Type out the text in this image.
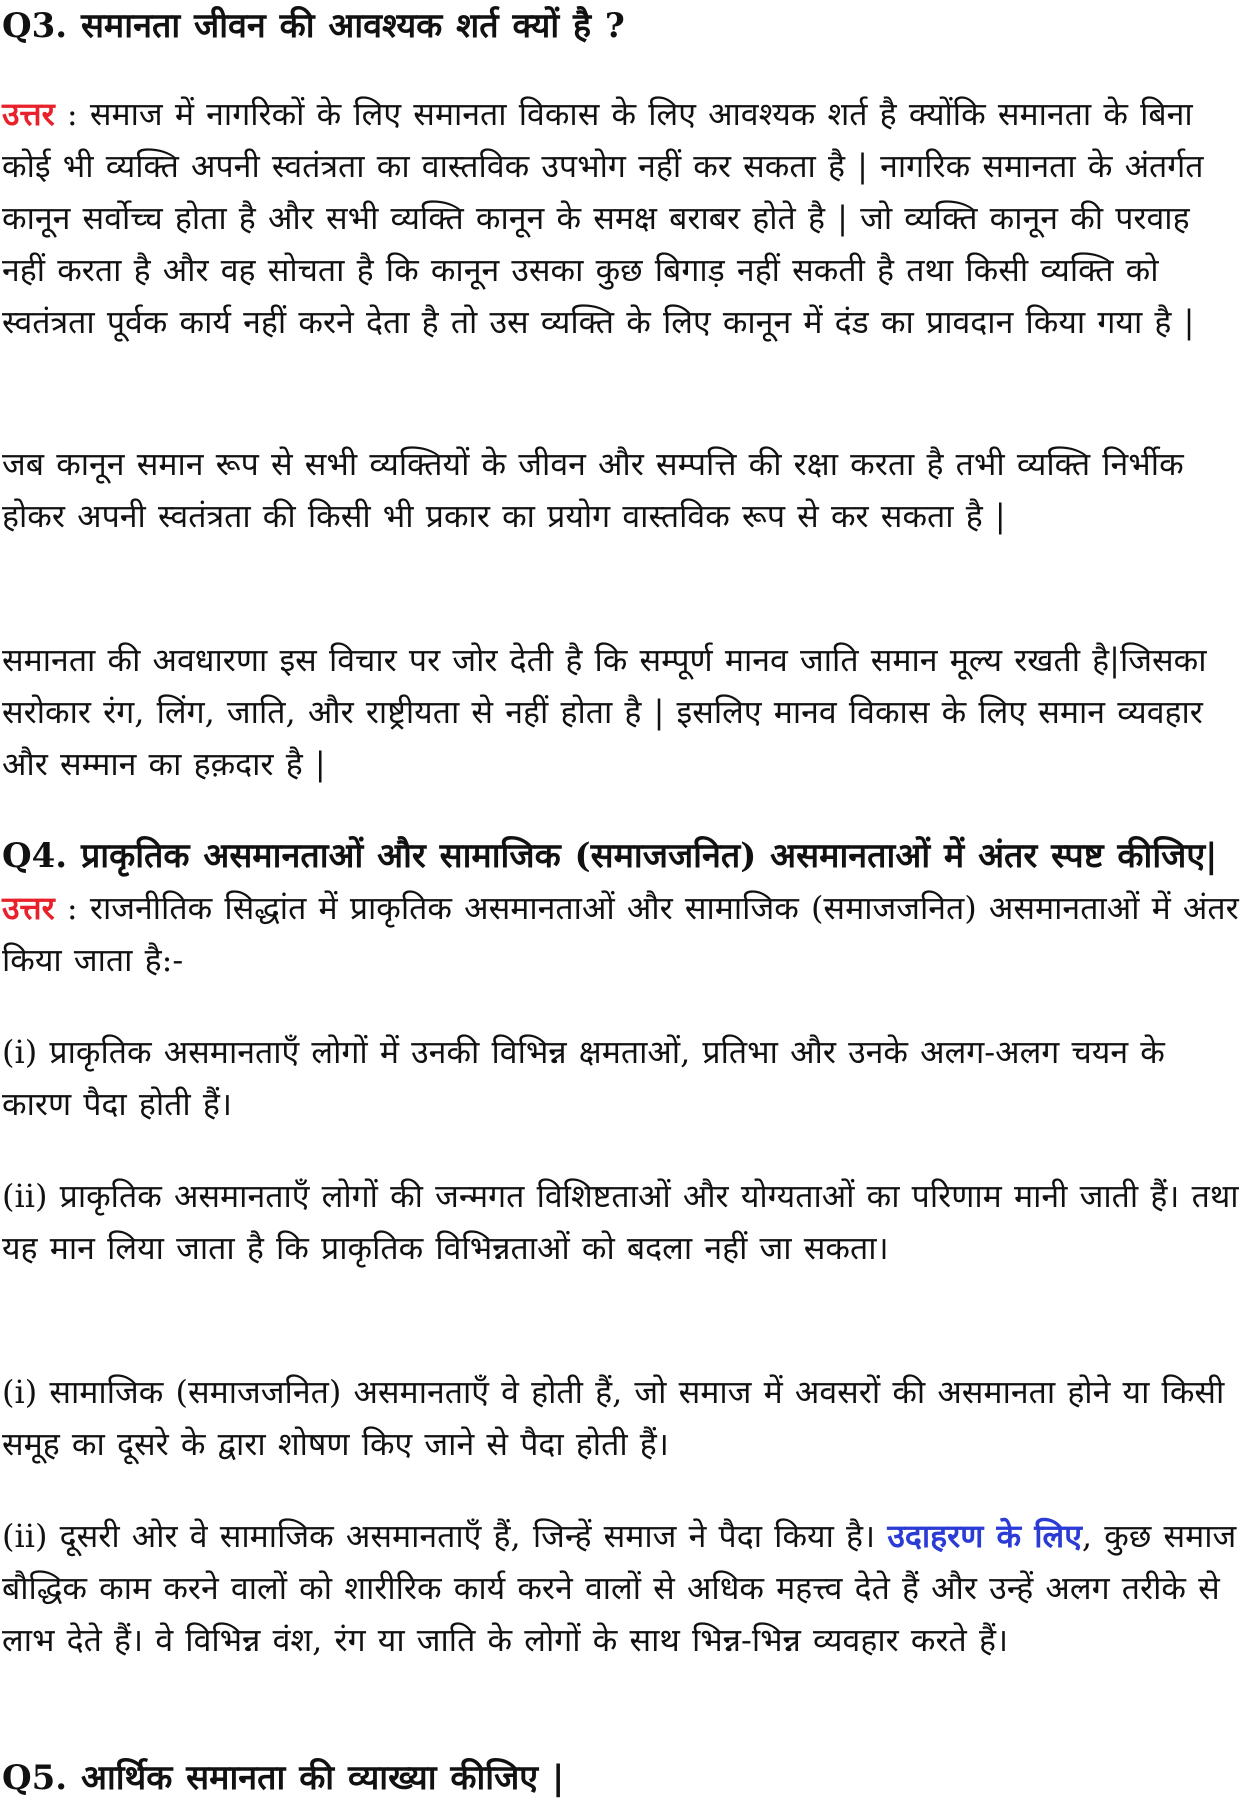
Q3. समानता जीवन की आवश्यक शर्त क्यों है ?

उत्तर : समाज में नागरिकों के लिए समानता विकास के लिए आवश्यक शर्त है क्योंकि समानता के बिना कोई भी व्यक्ति अपनी स्वतंत्रता का वास्तविक उपभोग नहीं कर सकता है | नागरिक समानता के अंतर्गत कानून सर्वोच्च होता है और सभी व्यक्ति कानून के समक्ष बराबर होते है | जो व्यक्ति कानून की परवाह नहीं करता है और वह सोचता है कि कानून उसका कुछ बिगाड़ नहीं सकती है तथा किसी व्यक्ति को स्वतंत्रता पूर्वक कार्य नहीं करने देता है तो उस व्यक्ति के लिए कानून में दंड का प्रावदान किया गया है |

जब कानून समान रूप से सभी व्यक्तियों के जीवन और सम्पत्ति की रक्षा करता है तभी व्यक्ति निर्भीक होकर अपनी स्वतंत्रता की किसी भी प्रकार का प्रयोग वास्तविक रूप से कर सकता है |

समानता की अवधारणा इस विचार पर जोर देती है कि सम्पूर्ण मानव जाति समान मूल्य रखती है|जिसका सरोकार रंग, लिंग, जाति, और राष्ट्रीयता से नहीं होता है | इसलिए मानव विकास के लिए समान व्यवहार और सम्मान का हक़दार है |

Q4. प्राकृतिक असमानताओं और सामाजिक (समाजजनित) असमानताओं में अंतर स्पष्ट कीजिए| उत्तर : राजनीतिक सिद्धांत में प्राकृतिक असमानताओं और सामाजिक (समाजजनित) असमानताओं में अंतर किया जाता है:-

(i) प्राकृतिक असमानताएँ लोगों में उनकी विभिन्न क्षमताओं, प्रतिभा और उनके अलग-अलग चयन के कारण पैदा होती हैं।

(ii) प्राकृतिक असमानताएँ लोगों की जन्मगत विशिष्टताओं और योग्यताओं का परिणाम मानी जाती हैं। तथा यह मान लिया जाता है कि प्राकृतिक विभिन्नताओं को बदला नहीं जा सकता।

(i) सामाजिक (समाजजनित) असमानताएँ वे होती हैं, जो समाज में अवसरों की असमानता होने या किसी समूह का दूसरे के द्वारा शोषण किए जाने से पैदा होती हैं।

(ii) दूसरी ओर वे सामाजिक असमानताएँ हैं, जिन्हें समाज ने पैदा किया है। उदाहरण के लिए, कुछ समाज बौद्धिक काम करने वालों को शारीरिक कार्य करने वालों से अधिक महत्त्व देते हैं और उन्हें अलग तरीके से लाभ देते हैं। वे विभिन्न वंश, रंग या जाति के लोगों के साथ भिन्न-भिन्न व्यवहार करते हैं।

Q5. आर्थिक समानता की व्याख्या कीजिए |
